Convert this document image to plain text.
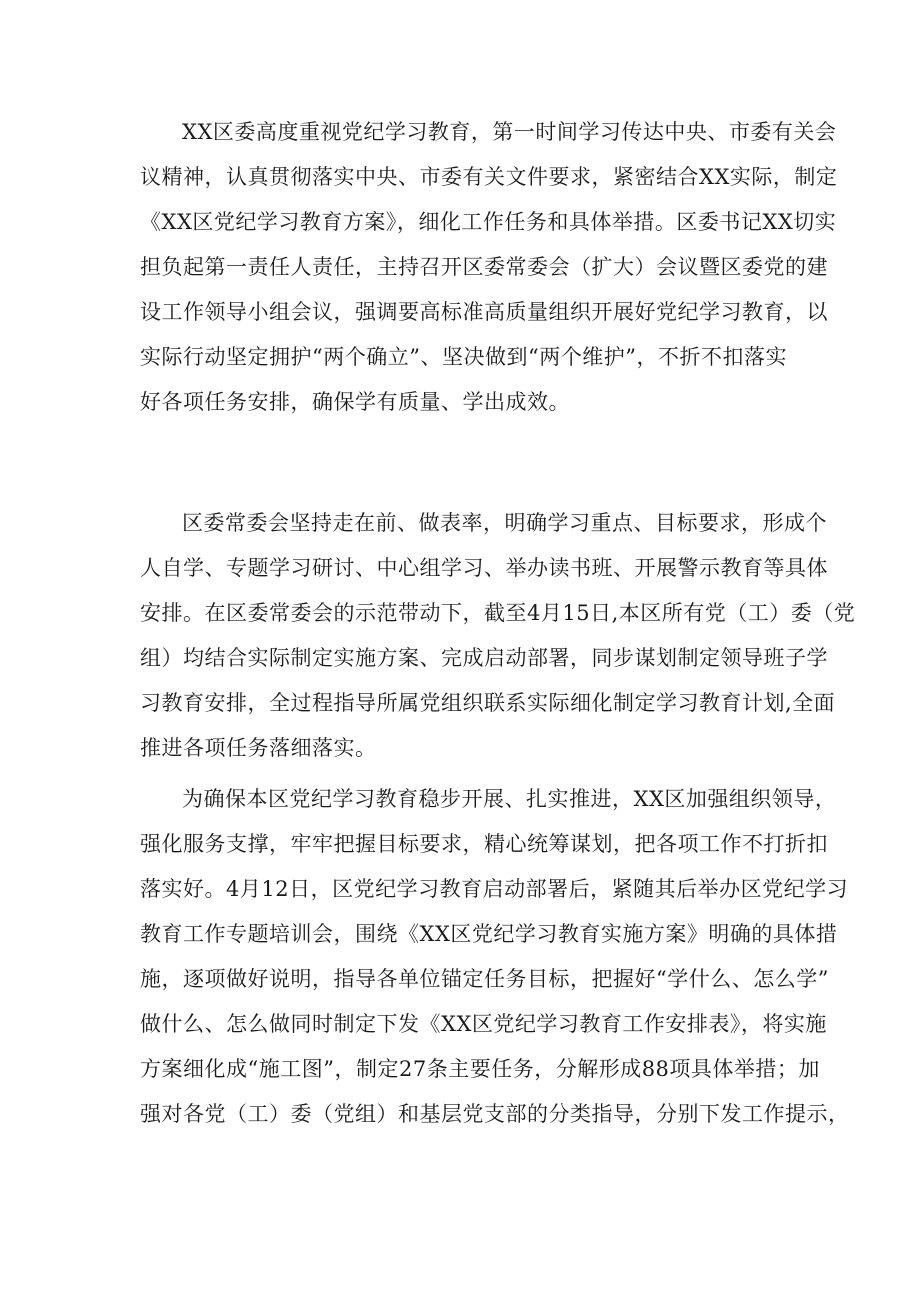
XX区委高度重视党纪学习教育，第一时间学习传达中央、市委有关会
议精神，认真贯彻落实中央、市委有关文件要求，紧密结合XX实际，制定
《XX区党纪学习教育方案》，细化工作任务和具体举措。区委书记XX切实
担负起第一责任人责任，主持召开区委常委会（扩大）会议暨区委党的建
设工作领导小组会议，强调要高标准高质量组织开展好党纪学习教育，以
实际行动坚定拥护“两个确立”、坚决做到“两个维护”，不折不扣落实
好各项任务安排，确保学有质量、学出成效。
区委常委会坚持走在前、做表率，明确学习重点、目标要求，形成个
人自学、专题学习研讨、中心组学习、举办读书班、开展警示教育等具体
安排。在区委常委会的示范带动下，截至4月15日,本区所有党（工）委（党
组）均结合实际制定实施方案、完成启动部署，同步谋划制定领导班子学
习教育安排，全过程指导所属党组织联系实际细化制定学习教育计划,全面
推进各项任务落细落实。
为确保本区党纪学习教育稳步开展、扎实推进，XX区加强组织领导，
强化服务支撑，牢牢把握目标要求，精心统筹谋划，把各项工作不打折扣
落实好。4月12日，区党纪学习教育启动部署后，紧随其后举办区党纪学习
教育工作专题培训会，围绕《XX区党纪学习教育实施方案》明确的具体措
施，逐项做好说明，指导各单位锚定任务目标，把握好“学什么、怎么学”
做什么、怎么做同时制定下发《XX区党纪学习教育工作安排表》，将实施
方案细化成“施工图”，制定27条主要任务，分解形成88项具体举措；加
强对各党（工）委（党组）和基层党支部的分类指导，分别下发工作提示，
